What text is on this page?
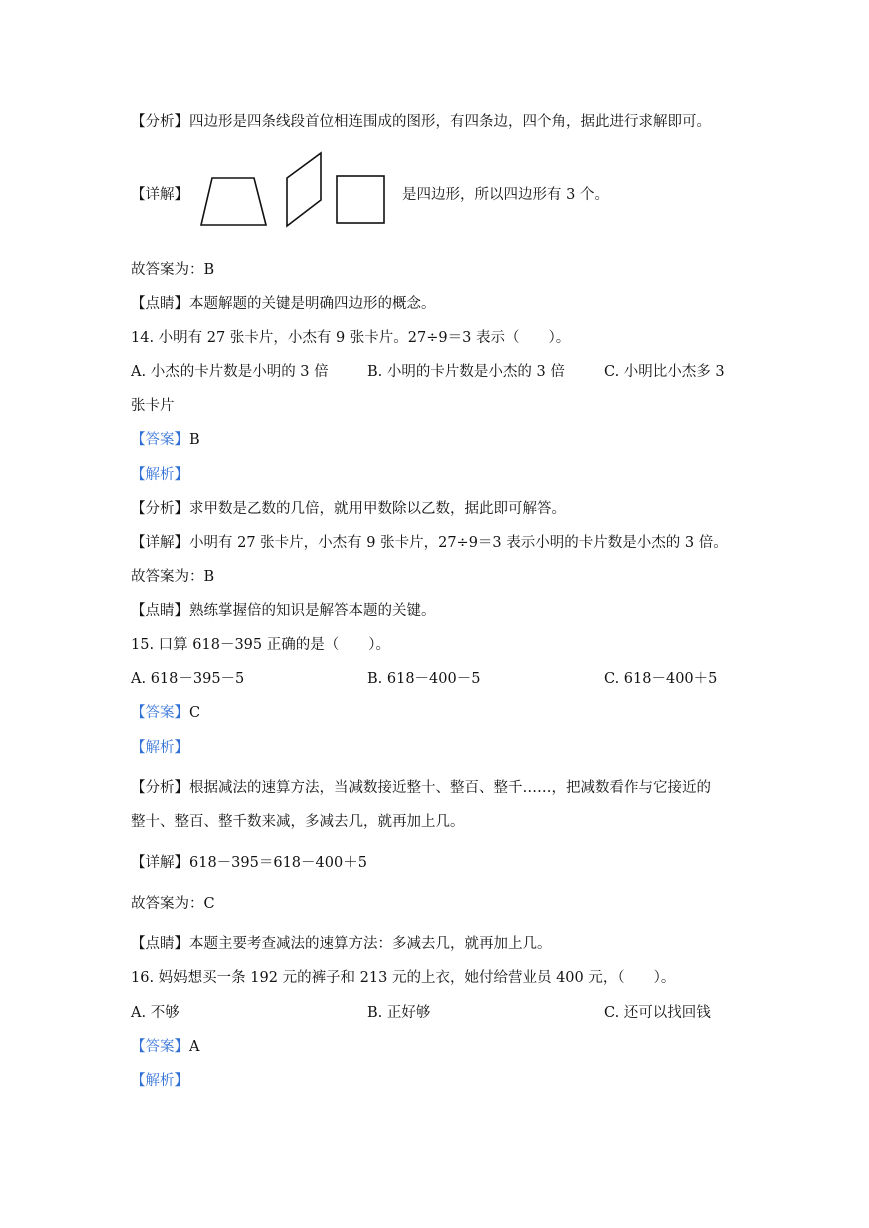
【分析】四边形是四条线段首位相连围成的图形，有四条边，四个角，据此进行求解即可。
【详解】	是四边形，所以四边形有 3 个。
故答案为：B
【点睛】本题解题的关键是明确四边形的概念。
14. 小明有 27 张卡片，小杰有 9 张卡片。27÷9＝3 表示（　　）。
A. 小杰的卡片数是小明的 3 倍	B. 小明的卡片数是小杰的 3 倍	C. 小明比小杰多 3
张卡片
【答案】B
【解析】
【分析】求甲数是乙数的几倍，就用甲数除以乙数，据此即可解答。
【详解】小明有 27 张卡片，小杰有 9 张卡片，27÷9＝3 表示小明的卡片数是小杰的 3 倍。
故答案为：B
【点睛】熟练掌握倍的知识是解答本题的关键。
15. 口算 618－395 正确的是（　　）。
A. 618－395－5	B. 618－400－5	C. 618－400＋5
【答案】C
【解析】
【分析】根据减法的速算方法，当减数接近整十、整百、整千……，把减数看作与它接近的
整十、整百、整千数来减，多减去几，就再加上几。
【详解】618－395＝618－400＋5
故答案为：C
【点睛】本题主要考查减法的速算方法：多减去几，就再加上几。
16. 妈妈想买一条 192 元的裤子和 213 元的上衣，她付给营业员 400 元，（　　）。
A. 不够	B. 正好够	C. 还可以找回钱
【答案】A
【解析】
